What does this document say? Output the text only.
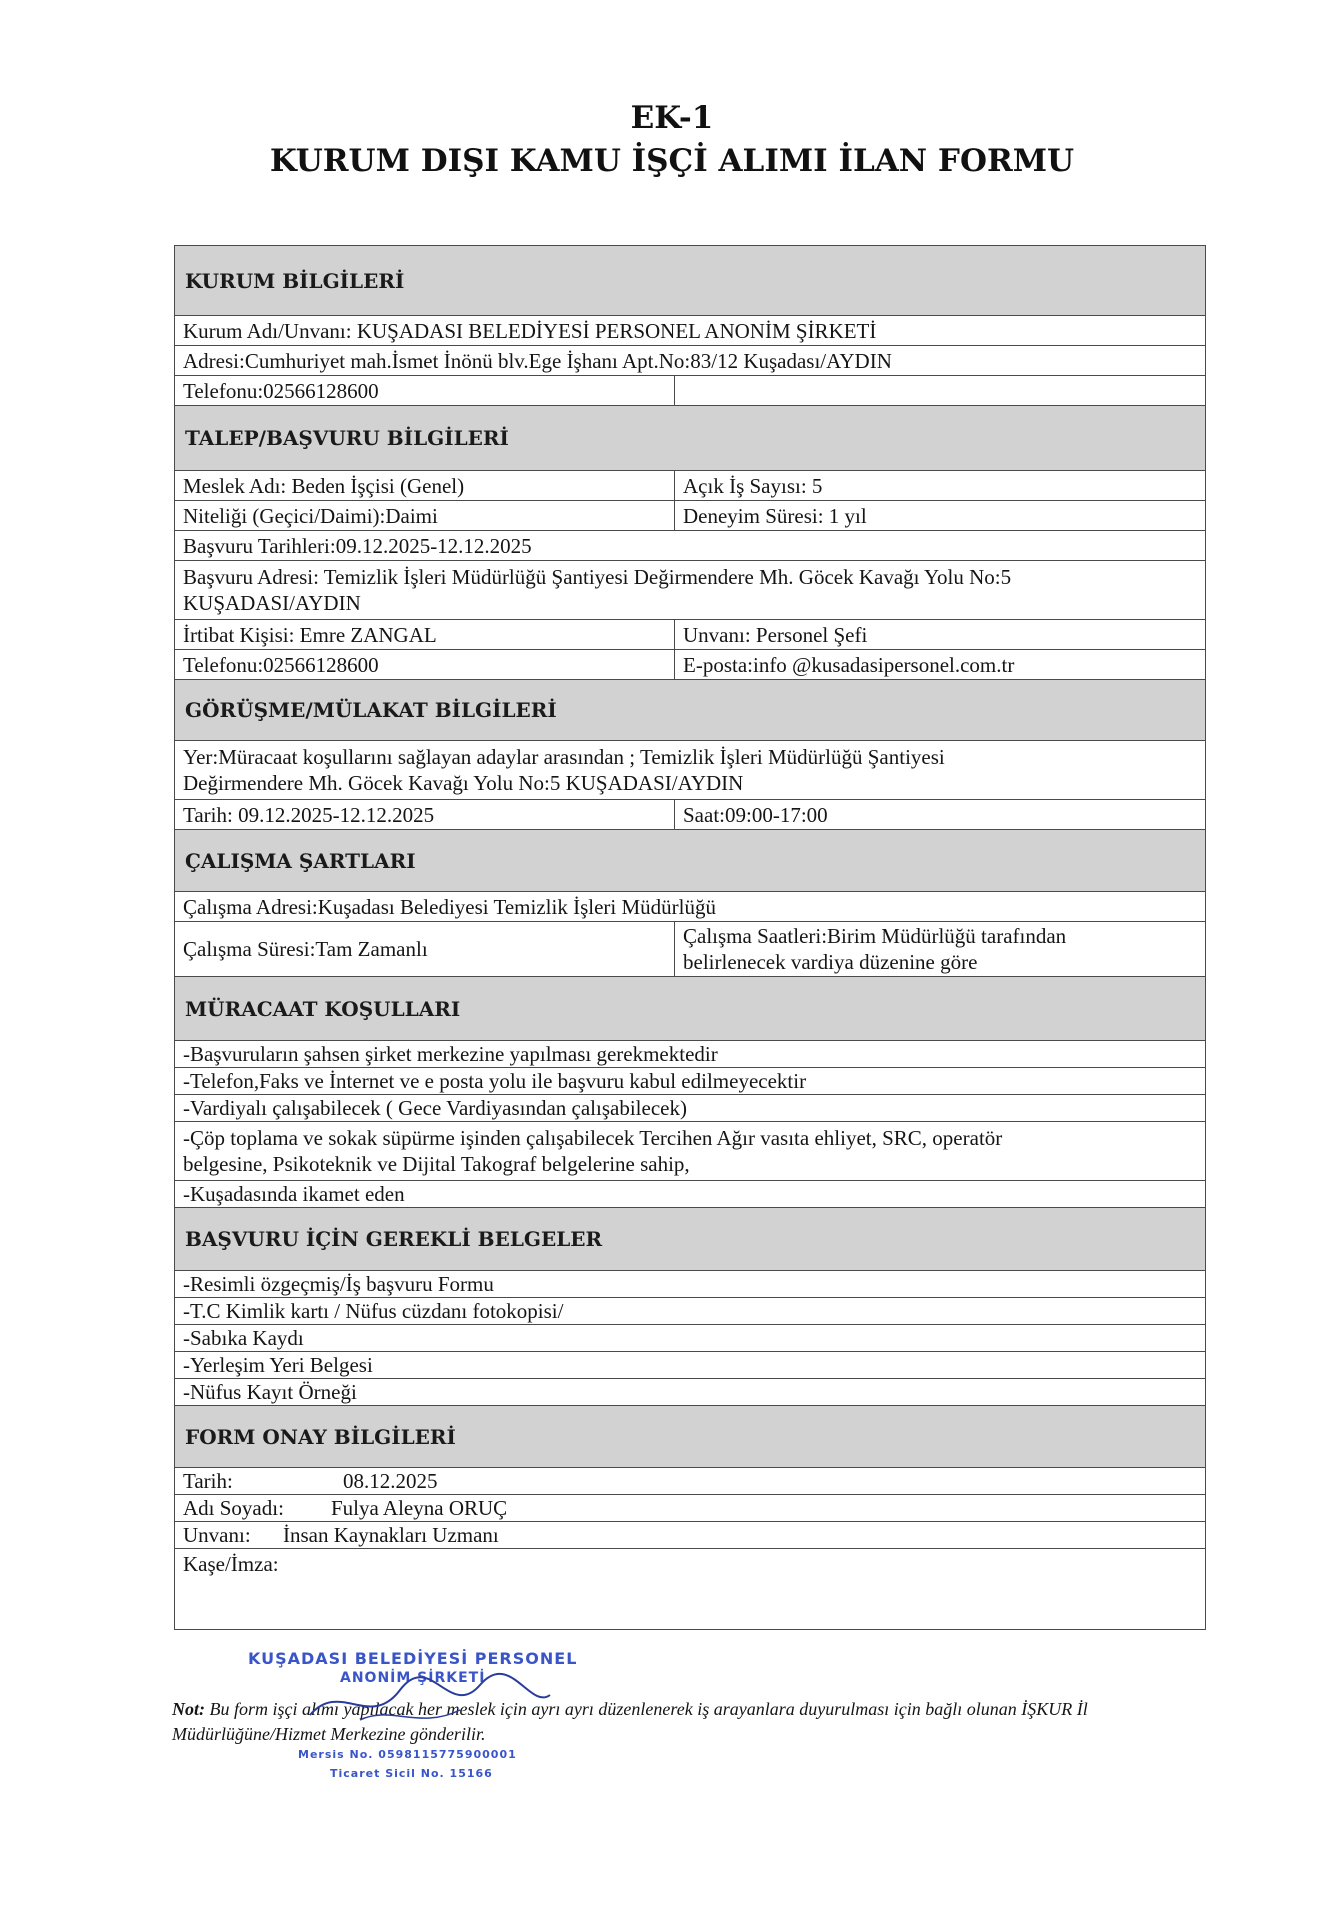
EK-1
KURUM DIŞI KAMU İŞÇİ ALIMI İLAN FORMU
KURUM BİLGİLERİ
Kurum Adı/Unvanı: KUŞADASI BELEDİYESİ PERSONEL ANONİM ŞİRKETİ
Adresi:Cumhuriyet mah.İsmet İnönü blv.Ege İşhanı Apt.No:83/12 Kuşadası/AYDIN
Telefonu:02566128600
TALEP/BAŞVURU BİLGİLERİ
Meslek Adı: Beden İşçisi (Genel)	Açık İş Sayısı: 5
Niteliği (Geçici/Daimi):Daimi	Deneyim Süresi: 1 yıl
Başvuru Tarihleri:09.12.2025-12.12.2025
Başvuru Adresi: Temizlik İşleri Müdürlüğü Şantiyesi Değirmendere Mh. Göcek Kavağı Yolu No:5
KUŞADASI/AYDIN
İrtibat Kişisi: Emre ZANGAL	Unvanı: Personel Şefi
Telefonu:02566128600	E-posta:info @kusadasipersonel.com.tr
GÖRÜŞME/MÜLAKAT BİLGİLERİ
Yer:Müracaat koşullarını sağlayan adaylar arasından ; Temizlik İşleri Müdürlüğü Şantiyesi
Değirmendere Mh. Göcek Kavağı Yolu No:5 KUŞADASI/AYDIN
Tarih: 09.12.2025-12.12.2025	Saat:09:00-17:00
ÇALIŞMA ŞARTLARI
Çalışma Adresi:Kuşadası Belediyesi Temizlik İşleri Müdürlüğü
Çalışma Süresi:Tam Zamanlı
Çalışma Saatleri:Birim Müdürlüğü tarafından
belirlenecek vardiya düzenine göre
MÜRACAAT KOŞULLARI
-Başvuruların şahsen şirket merkezine yapılması gerekmektedir
-Telefon,Faks ve İnternet ve e posta yolu ile başvuru kabul edilmeyecektir
-Vardiyalı çalışabilecek ( Gece Vardiyasından çalışabilecek)
-Çöp toplama ve sokak süpürme işinden çalışabilecek Tercihen Ağır vasıta ehliyet, SRC, operatör
belgesine, Psikoteknik ve Dijital Takograf belgelerine sahip,
-Kuşadasında ikamet eden
BAŞVURU İÇİN GEREKLİ BELGELER
-Resimli özgeçmiş/İş başvuru Formu
-T.C Kimlik kartı / Nüfus cüzdanı fotokopisi/
-Sabıka Kaydı
-Yerleşim Yeri Belgesi
-Nüfus Kayıt Örneği
FORM ONAY BİLGİLERİ
Tarih:	08.12.2025
Adı Soyadı:	Fulya Aleyna ORUÇ
Unvanı:	İnsan Kaynakları Uzmanı
Kaşe/İmza:
KUŞADASI BELEDİYESİ PERSONEL
ANONİM ŞİRKETİ
Mersis No. 0598115775900001
Ticaret Sicil No. 15166
Not: Bu form işçi alımı yapılacak her meslek için ayrı ayrı düzenlenerek iş arayanlara duyurulması için bağlı olunan İŞKUR İl Müdürlüğüne/Hizmet Merkezine gönderilir.
